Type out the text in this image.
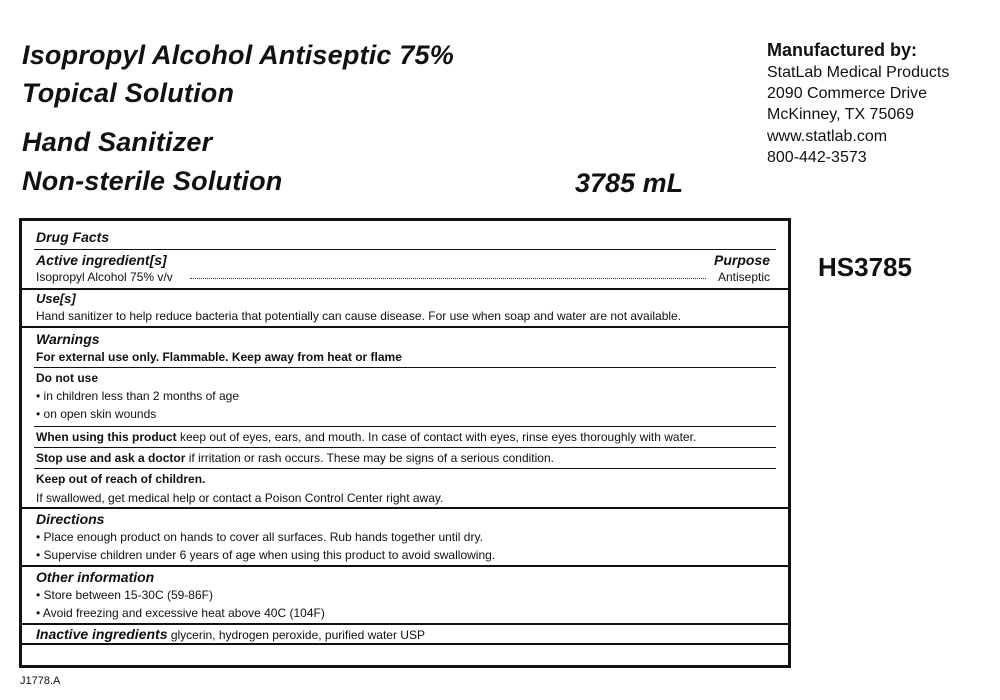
Isopropyl Alcohol Antiseptic 75%
Topical Solution
Hand Sanitizer
Non-sterile Solution	3785 mL
Manufactured by:
StatLab Medical Products
2090 Commerce Drive
McKinney, TX 75069
www.statlab.com
800-442-3573
HS3785
Drug Facts
Active ingredient[s]	Purpose
Isopropyl Alcohol 75% v/v	Antiseptic
Use[s]
Hand sanitizer to help reduce bacteria that potentially can cause disease. For use when soap and water are not available.
Warnings
For external use only. Flammable. Keep away from heat or flame
Do not use
• in children less than 2 months of age
• on open skin wounds
When using this product keep out of eyes, ears, and mouth. In case of contact with eyes, rinse eyes thoroughly with water.
Stop use and ask a doctor if irritation or rash occurs. These may be signs of a serious condition.
Keep out of reach of children.
If swallowed, get medical help or contact a Poison Control Center right away.
Directions
• Place enough product on hands to cover all surfaces. Rub hands together until dry.
• Supervise children under 6 years of age when using this product to avoid swallowing.
Other information
• Store between 15-30C (59-86F)
• Avoid freezing and excessive heat above 40C (104F)
Inactive ingredients glycerin, hydrogen peroxide, purified water USP
J1778.A
